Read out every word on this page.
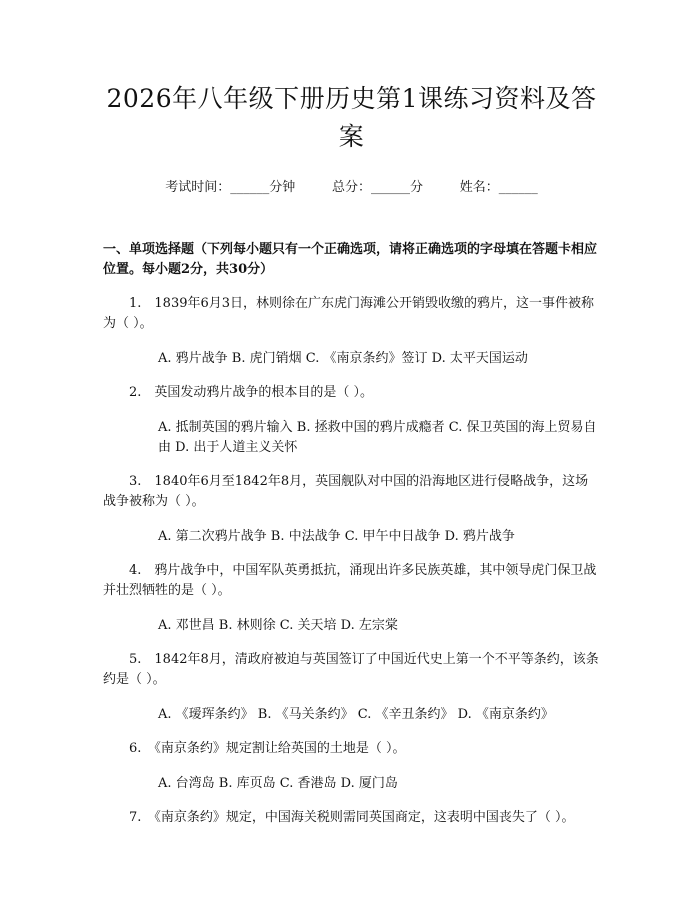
2026年八年级下册历史第1课练习资料及答案
考试时间：______分钟      总分：______分      姓名：______
一、单项选择题（下列每小题只有一个正确选项，请将正确选项的字母填在答题卡相应位置。每小题2分，共30分）
1.　1839年6月3日，林则徐在广东虎门海滩公开销毁收缴的鸦片，这一事件被称为（ ）。
A. 鸦片战争 B. 虎门销烟 C. 《南京条约》签订 D. 太平天国运动
2.　英国发动鸦片战争的根本目的是（ ）。
A. 抵制英国的鸦片输入 B. 拯救中国的鸦片成瘾者 C. 保卫英国的海上贸易自由 D. 出于人道主义关怀
3.　1840年6月至1842年8月，英国舰队对中国的沿海地区进行侵略战争，这场战争被称为（ ）。
A. 第二次鸦片战争 B. 中法战争 C. 甲午中日战争 D. 鸦片战争
4.　鸦片战争中，中国军队英勇抵抗，涌现出许多民族英雄，其中领导虎门保卫战并壮烈牺牲的是（ ）。
A. 邓世昌 B. 林则徐 C. 关天培 D. 左宗棠
5.　1842年8月，清政府被迫与英国签订了中国近代史上第一个不平等条约，该条约是（ ）。
A. 《瑷珲条约》 B. 《马关条约》 C. 《辛丑条约》 D. 《南京条约》
6.　《南京条约》规定割让给英国的土地是（ ）。
A. 台湾岛 B. 库页岛 C. 香港岛 D. 厦门岛
7.　《南京条约》规定，中国海关税则需同英国商定，这表明中国丧失了（ ）。
